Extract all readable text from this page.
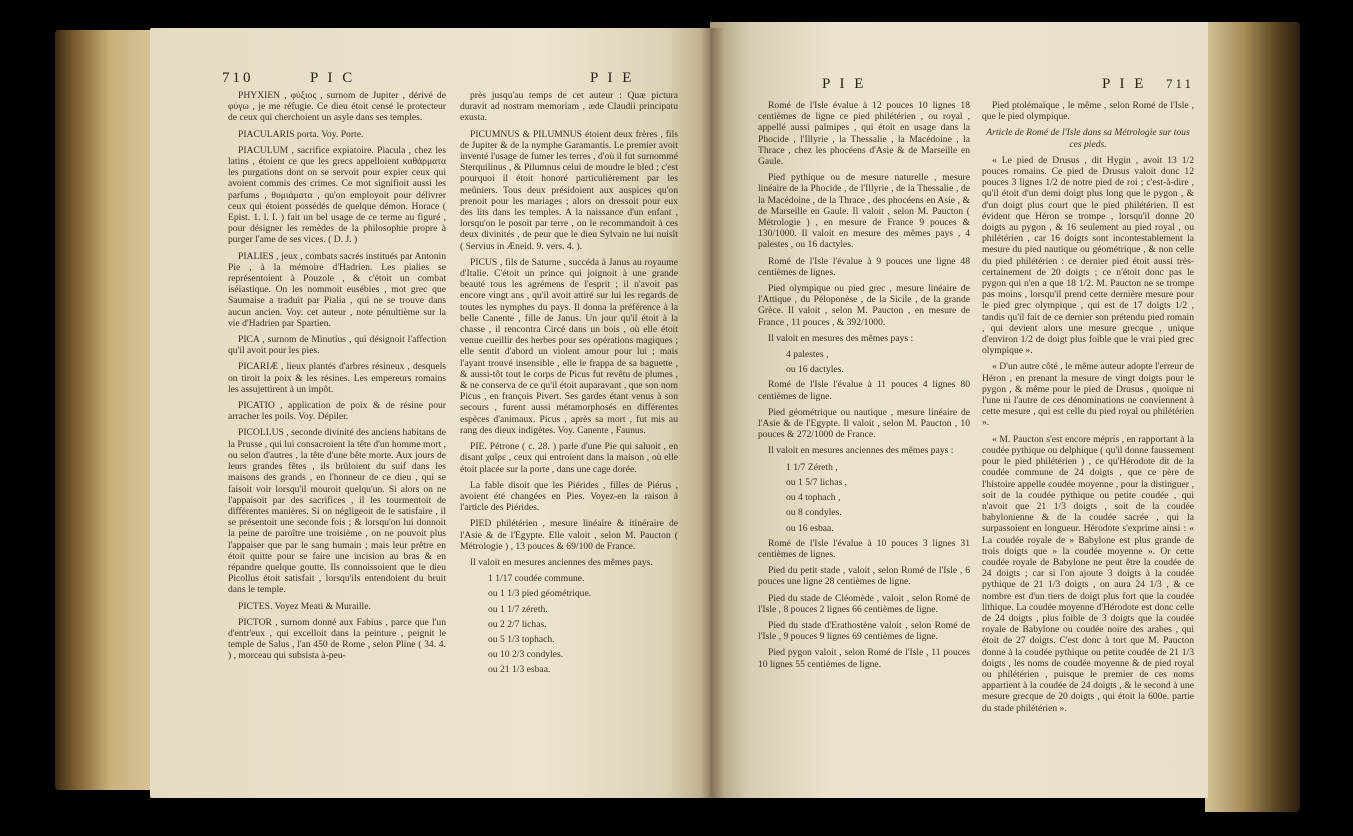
710	P I C	P I E

PHYXIEN , φύξιος , surnom de Jupiter , dérivé de φύγω , je me réfugie. Ce dieu étoit censé le protecteur de ceux qui cherchoient un asyle dans ses temples.

PIACULARIS porta. Voy. Porte.

PIACULUM , sacrifice expiatoire. Piacula , chez les latins , étoient ce que les grecs appelloient καθάρματα les purgations dont on se servoit pour expier ceux qui avoient commis des crimes. Ce mot signifioit aussi les parfums , θυμιάματα , qu'on employoit pour délivrer ceux qui étoient possédés de quelque démon. Horace ( Epist. 1. l. I. ) fait un bel usage de ce terme au figuré , pour désigner les remèdes de la philosophie propre à purger l'ame de ses vices. ( D. J. )

PIALIES , jeux , combats sacrés institués par Antonin Pie , à la mémoire d'Hadrien. Les pialies se représentoient à Pouzole , & c'étoit un combat iséiastique. On les nommoit eusébies , mot grec que Saumaise a traduit par Pialia , qui ne se trouve dans aucun ancien. Voy. cet auteur , note pénultième sur la vie d'Hadrien par Spartien.

PICA , surnom de Minutius , qui désignoit l'affection qu'il avoit pour les pies.

PICARIÆ , lieux plantés d'arbres résineux , desquels on tiroit la poix & les résines. Les empereurs romains les assujettirent à un impôt.

PICATIO , application de poix & de résine pour arracher les poils. Voy. Dépiler.

PICOLLUS , seconde divinité des anciens habitans de la Prusse , qui lui consacroient la tête d'un homme mort , ou selon d'autres , la tête d'une bête morte. Aux jours de leurs grandes fêtes , ils brûloient du suif dans les maisons des grands , en l'honneur de ce dieu , qui se faisoit voir lorsqu'il mouroit quelqu'un. Si alors on ne l'appaisoit par des sacrifices , il les tourmentoit de différentes manières. Si on négligeoit de le satisfaire , il se présentoit une seconde fois ; & lorsqu'on lui donnoit la peine de paroître une troisième , on ne pouvoit plus l'appaiser que par le sang humain ; mais leur prêtre en étoit quitte pour se faire une incision au bras & en répandre quelque goutte. Ils connoissoient que le dieu Picollus étoit satisfait , lorsqu'ils entendoient du bruit dans le temple.

PICTES. Voyez Meati & Muraille.

PICTOR , surnom donné aux Fabius , parce que l'un d'entr'eux , qui excelloit dans la peinture , peignit le temple de Salus , l'an 450 de Rome , selon Pline ( 34. 4. ) , morceau qui subsista à-peu-

près jusqu'au temps de cet auteur : Quæ pictura duravit ad nostram memoriam , æde Claudii principatu exusta.

PICUMNUS & PILUMNUS étoient deux frères , fils de Jupiter & de la nymphe Garamantis. Le premier avoit inventé l'usage de fumer les terres , d'où il fut surnommé Sterquilinus , & Pilumnus celui de moudre le bled ; c'est pourquoi il étoit honoré particulièrement par les meûniers. Tous deux présidoient aux auspices qu'on prenoit pour les mariages ; alors on dressoit pour eux des lits dans les temples. A la naissance d'un enfant , lorsqu'on le posoit par terre , on le recommandoit à ces deux divinités , de peur que le dieu Sylvain ne lui nuisît ( Servius in Æneid. 9. vers. 4. ).

PICUS , fils de Saturne , succéda à Janus au royaume d'Italie. C'étoit un prince qui joignoit à une grande beauté tous les agrémens de l'esprit ; il n'avoit pas encore vingt ans , qu'il avoit attiré sur lui les regards de toutes les nymphes du pays. Il donna la préférence à la belle Canente , fille de Janus. Un jour qu'il étoit à la chasse , il rencontra Circé dans un bois , où elle étoit venue cueillir des herbes pour ses opérations magiques ; elle sentit d'abord un violent amour pour lui ; mais l'ayant trouvé insensible , elle le frappa de sa baguette , & aussi-tôt tout le corps de Picus fut revêtu de plumes , & ne conserva de ce qu'il étoit auparavant , que son nom Picus , en françois Pivert. Ses gardes étant venus à son secours , furent aussi métamorphosés en différentes espèces d'animaux. Picus , après sa mort , fut mis au rang des dieux indigètes. Voy. Canente , Faunus.

PIE. Pétrone ( c. 28. ) parle d'une Pie qui saluoit , en disant χαῖρε , ceux qui entroient dans la maison , où elle étoit placée sur la porte , dans une cage dorée.

La fable disoit que les Piérides , filles de Piérus , avoient été changées en Pies. Voyez-en la raison à l'article des Piérides.

PIED philétérien , mesure linéaire & itinéraire de l'Asie & de l'Egypte. Elle valoit , selon M. Paucton ( Métrologie ) , 13 pouces & 69/100 de France.

Il valoit en mesures anciennes des mêmes pays.

1 1/17 coudée commune.
ou 1 1/3 pied géométrique.
ou 1 1/7 zéreth.
ou 2 2/7 lichas.
ou 5 1/3 tophach.
ou 10 2/3 condyles.
ou 21 1/3 esbaa.
P I E	P I E 711

Romé de l'Isle évalue à 12 pouces 10 lignes 18 centièmes de ligne ce pied philétérien , ou royal , appellé aussi palmipes , qui étoit en usage dans la Phocide , l'Illyrie , la Thessalie , la Macédoine , la Thrace , chez les phocéens d'Asie & de Marseille en Gaule.

Pied pythique ou de mesure naturelle , mesure linéaire de la Phocide , de l'Illyrie , de la Thessalie , de la Macédoine , de la Thrace , des phocéens en Asie , & de Marseille en Gaule. Il valoit , selon M. Paucton ( Métrologie ) , en mesure de France 9 pouces & 130/1000. Il valoit en mesure des mêmes pays , 4 palestes , ou 16 dactyles.

Romé de l'Isle l'évalue à 9 pouces une ligne 48 centièmes de lignes.

Pied olympique ou pied grec , mesure linéaire de l'Attique , du Péloponèse , de la Sicile , de la grande Grèce. Il valoit , selon M. Paucton , en mesure de France , 11 pouces , & 392/1000.

Il valoit en mesures des mêmes pays :

4 palestes ,
ou 16 dactyles.

Romé de l'Isle l'évalue à 11 pouces 4 lignes 80 centièmes de ligne.

Pied géométrique ou nautique , mesure linéaire de l'Asie & de l'Egypte. Il valoit , selon M. Paucton , 10 pouces & 272/1000 de France.

Il valoit en mesures anciennes des mêmes pays :

1 1/7 Zéreth ,
ou 1 5/7 lichas ,
ou 4 tophach ,
ou 8 condyles.
ou 16 esbaa.

Romé de l'Isle l'évalue à 10 pouces 3 lignes 31 centièmes de lignes.

Pied du petit stade , valoit , selon Romé de l'Isle , 6 pouces une ligne 28 centièmes de ligne.

Pied du stade de Cléomède , valoit , selon Romé de l'Isle , 8 pouces 2 lignes 66 centièmes de ligne.

Pied du stade d'Erathostène valoit , selon Romé de l'Isle , 9 pouces 9 lignes 69 centièmes de ligne.

Pied pygon valoit , selon Romé de l'Isle , 11 pouces 10 lignes 55 centièmes de ligne.

Pied ptolémaïque , le même , selon Romé de l'Isle , que le pied olympique.

Article de Romé de l'Isle dans sa Métrologie sur tous ces pieds.

« Le pied de Drusus , dit Hygin , avoit 13 1/2 pouces romains. Ce pied de Drusus valoit donc 12 pouces 3 lignes 1/2 de notre pied de roi ; c'est-à-dire , qu'il étoit d'un demi doigt plus long que le pygon , & d'un doigt plus court que le pied philétérien. Il est évident que Héron se trompe , lorsqu'il donne 20 doigts au pygon , & 16 seulement au pied royal , ou philétérien , car 16 doigts sont incontestablement la mesure du pied nautique ou géométrique , & non celle du pied philétérien : ce dernier pied étoit aussi très-certainement de 20 doigts ; ce n'étoit donc pas le pygon qui n'en a que 18 1/2. M. Paucton ne se trompe pas moins , lorsqu'il prend cette dernière mesure pour le pied grec olympique , qui est de 17 doigts 1/2 , tandis qu'il fait de ce dernier son prétendu pied romain , qui devient alors une mesure grecque , unique d'environ 1/2 de doigt plus foible que le vrai pied grec olympique ».

« D'un autre côté , le même auteur adopte l'erreur de Héron , en prenant la mesure de vingt doigts pour le pygon , & même pour le pied de Drusus , quoique ni l'une ni l'autre de ces dénominations ne conviennent à cette mesure , qui est celle du pied royal ou philétérien ».

« M. Paucton s'est encore mépris , en rapportant à la coudée pythique ou delphique ( qu'il donne faussement pour le pied philétérien ) , ce qu'Hérodote dit de la coudée commune de 24 doigts , que ce père de l'histoire appelle coudée moyenne , pour la distinguer , soit de la coudée pythique ou petite coudée , qui n'avoit que 21 1/3 doigts , soit de la coudée babylonienne & de la coudée sacrée , qui la surpassoient en longueur. Hérodote s'exprime ainsi : « La coudée royale de » Babylone est plus grande de trois doigts que » la coudée moyenne ». Or cette coudée royale de Babylone ne peut être la coudée de 24 doigts ; car si l'on ajoute 3 doigts à la coudée pythique de 21 1/3 doigts , on aura 24 1/3 , & ce nombre est d'un tiers de doigt plus fort que la coudée lithique. La coudée moyenne d'Hérodote est donc celle de 24 doigts , plus foible de 3 doigts que la coudée royale de Babylone ou coudée noire des arabes , qui étoit de 27 doigts. C'est donc à tort que M. Paucton donne à la coudée pythique ou petite coudée de 21 1/3 doigts , les noms de coudée moyenne & de pied royal ou philétérien , puisque le premier de ces noms appartient à la coudée de 24 doigts , & le second à une mesure grecque de 20 doigts , qui étoit la 600e. partie du stade philétérien ».
